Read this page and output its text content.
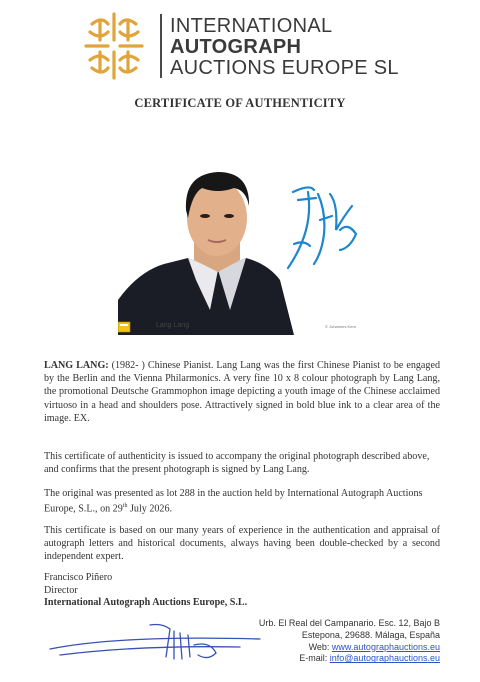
INTERNATIONAL
AUTOGRAPH
AUCTIONS EUROPE SL
CERTIFICATE OF AUTHENTICITY
Lang Lang	© Johannes Kern
LANG LANG: (1982- ) Chinese Pianist. Lang Lang was the first Chinese Pianist to be engaged by the Berlin and the Vienna Philarmonics. A very fine 10 x 8 colour photograph by Lang Lang, the promotional Deutsche Grammophon image depicting a youth image of the Chinese acclaimed virtuoso in a head and shoulders pose. Attractively signed in bold blue ink to a clear area of the image. EX.
This certificate of authenticity is issued to accompany the original photograph described above, and confirms that the present photograph is signed by Lang Lang.
The original was presented as lot 288 in the auction held by International Autograph Auctions Europe, S.L., on 29th July 2026.
This certificate is based on our many years of experience in the authentication and appraisal of autograph letters and historical documents, always having been double-checked by a second independent expert.
Francisco Piñero
Director
International Autograph Auctions Europe, S.L.
Urb. El Real del Campanario. Esc. 12, Bajo B
Estepona, 29688. Málaga, España
Web: www.autographauctions.eu
E-mail: info@autographauctions.eu
